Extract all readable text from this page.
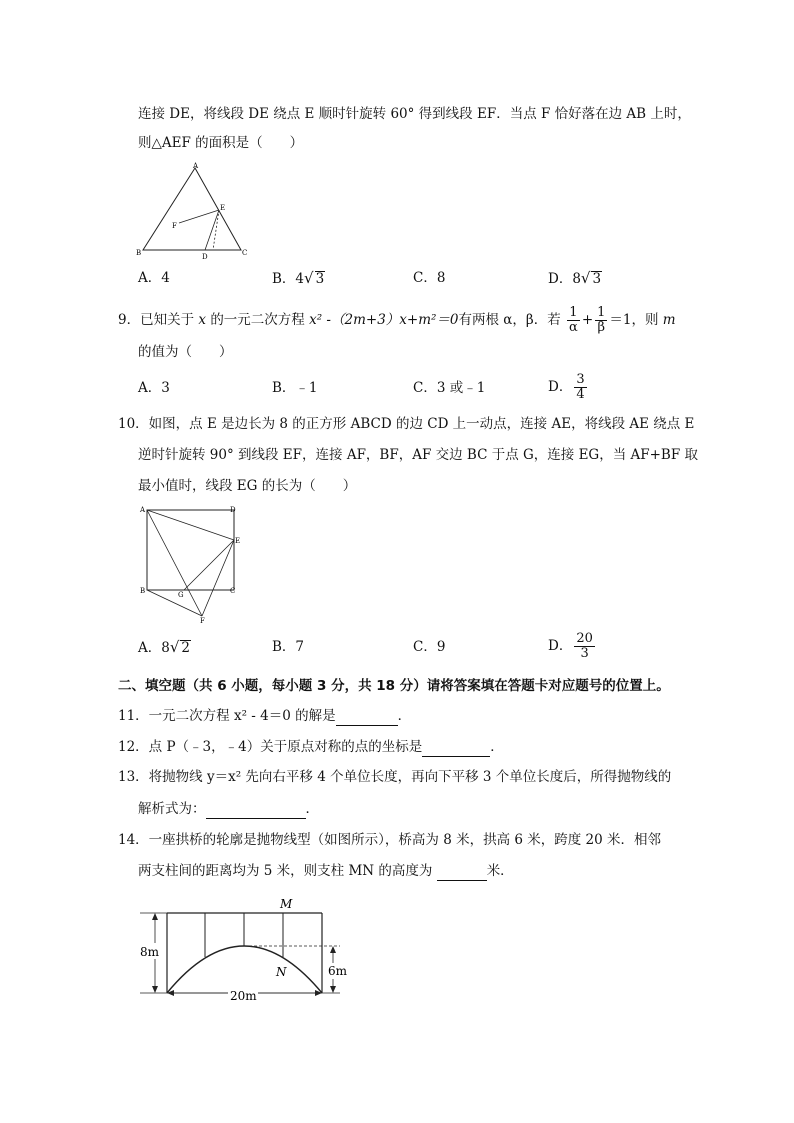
连接 DE，将线段 DE 绕点 E 顺时针旋转 60° 得到线段 EF．当点 F 恰好落在边 AB 上时，
则△AEF 的面积是（　　）
A
B	C
D
E
F
A．4	B．4√ 3	C．8	D．8√ 3
9．已知关于 x 的一元二次方程 x² -（2m+3）x+m²＝0有两根 α，β．若 $\frac{1}{\alpha} + \frac{1}{\beta} =1$，则 m
的值为（　　）
A．3	B．﹣1	C．3 或﹣1	D． $\frac{3}{4}$
10．如图，点 E 是边长为 8 的正方形 ABCD 的边 CD 上一动点，连接 AE，将线段 AE 绕点 E
逆时针旋转 90° 到线段 EF，连接 AF，BF，AF 交边 BC 于点 G，连接 EG，当 AF+BF 取
最小值时，线段 EG 的长为（　　）
A	D
B	C
E
G
F
A．8√ 2	B．7	C．9	D． $\frac{20}{3}$
二、填空题（共 6 小题，每小题 3 分，共 18 分）请将答案填在答题卡对应题号的位置上。
11．一元二次方程 x² - 4＝0 的解是	．
12．点 P（﹣3，﹣4）关于原点对称的点的坐标是	．
13．将抛物线 y＝x² 先向右平移 4 个单位长度，再向下平移 3 个单位长度后，所得抛物线的
解析式为：	．
14．一座拱桥的轮廓是抛物线型（如图所示），桥高为 8 米，拱高 6 米，跨度 20 米．相邻
两支柱间的距离均为 5 米，则支柱 MN 的高度为	米．
M
N
8m
6m
20m
